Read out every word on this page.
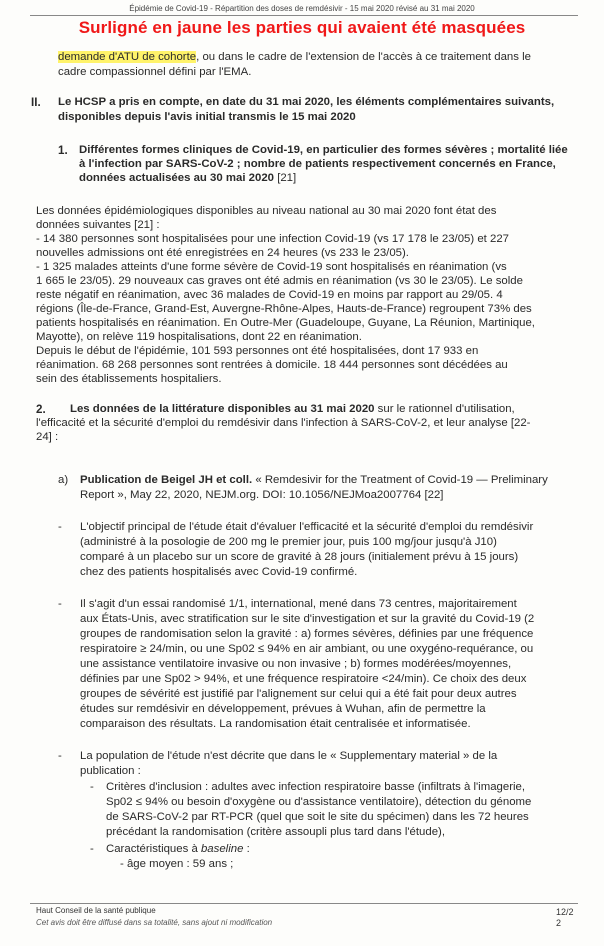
Épidémie de Covid-19 - Répartition des doses de remdésivir - 15 mai 2020 révisé au 31 mai 2020
Surligné en jaune les parties qui avaient été masquées
demande d'ATU de cohorte, ou dans le cadre de l'extension de l'accès à ce traitement dans le
cadre compassionnel défini par l'EMA.
II. Le HCSP a pris en compte, en date du 31 mai 2020, les éléments complémentaires suivants,
disponibles depuis l'avis initial transmis le 15 mai 2020
1. Différentes formes cliniques de Covid-19, en particulier des formes sévères ; mortalité liée
à l'infection par SARS-CoV-2 ; nombre de patients respectivement concernés en France,
données actualisées au 30 mai 2020 [21]
Les données épidémiologiques disponibles au niveau national au 30 mai 2020 font état des
données suivantes [21] :
- 14 380 personnes sont hospitalisées pour une infection Covid-19 (vs 17 178 le 23/05) et 227
nouvelles admissions ont été enregistrées en 24 heures (vs 233 le 23/05).
- 1 325 malades atteints d'une forme sévère de Covid-19 sont hospitalisés en réanimation (vs
1 665 le 23/05). 29 nouveaux cas graves ont été admis en réanimation (vs 30 le 23/05). Le solde
reste négatif en réanimation, avec 36 malades de Covid-19 en moins par rapport au 29/05. 4
régions (Île-de-France, Grand-Est, Auvergne-Rhône-Alpes, Hauts-de-France) regroupent 73% des
patients hospitalisés en réanimation. En Outre-Mer (Guadeloupe, Guyane, La Réunion, Martinique,
Mayotte), on relève 119 hospitalisations, dont 22 en réanimation.
Depuis le début de l'épidémie, 101 593 personnes ont été hospitalisées, dont 17 933 en
réanimation. 68 268 personnes sont rentrées à domicile. 18 444 personnes sont décédées au
sein des établissements hospitaliers.
2. Les données de la littérature disponibles au 31 mai 2020 sur le rationnel d'utilisation,
l'efficacité et la sécurité d'emploi du remdésivir dans l'infection à SARS-CoV-2, et leur analyse [22-
24] :
a) Publication de Beigel JH et coll. « Remdesivir for the Treatment of Covid-19 — Preliminary
Report », May 22, 2020, NEJM.org. DOI: 10.1056/NEJMoa2007764 [22]
- L'objectif principal de l'étude était d'évaluer l'efficacité et la sécurité d'emploi du remdésivir
(administré à la posologie de 200 mg le premier jour, puis 100 mg/jour jusqu'à J10)
comparé à un placebo sur un score de gravité à 28 jours (initialement prévu à 15 jours)
chez des patients hospitalisés avec Covid-19 confirmé.
- Il s'agit d'un essai randomisé 1/1, international, mené dans 73 centres, majoritairement
aux États-Unis, avec stratification sur le site d'investigation et sur la gravité du Covid-19 (2
groupes de randomisation selon la gravité : a) formes sévères, définies par une fréquence
respiratoire ≥ 24/min, ou une Sp02 ≤ 94% en air ambiant, ou une oxygéno-requérance, ou
une assistance ventilatoire invasive ou non invasive ; b) formes modérées/moyennes,
définies par une Sp02 > 94%, et une fréquence respiratoire <24/min). Ce choix des deux
groupes de sévérité est justifié par l'alignement sur celui qui a été fait pour deux autres
études sur remdésivir en développement, prévues à Wuhan, afin de permettre la
comparaison des résultats. La randomisation était centralisée et informatisée.
- La population de l'étude n'est décrite que dans le « Supplementary material » de la
publication :
- Critères d'inclusion : adultes avec infection respiratoire basse (infiltrats à l'imagerie,
Sp02 ≤ 94% ou besoin d'oxygène ou d'assistance ventilatoire), détection du génome
de SARS-CoV-2 par RT-PCR (quel que soit le site du spécimen) dans les 72 heures
précédant la randomisation (critère assoupli plus tard dans l'étude),
- Caractéristiques à baseline :
- âge moyen : 59 ans ;
Haut Conseil de la santé publique
Cet avis doit être diffusé dans sa totalité, sans ajout ni modification
12/2
2
